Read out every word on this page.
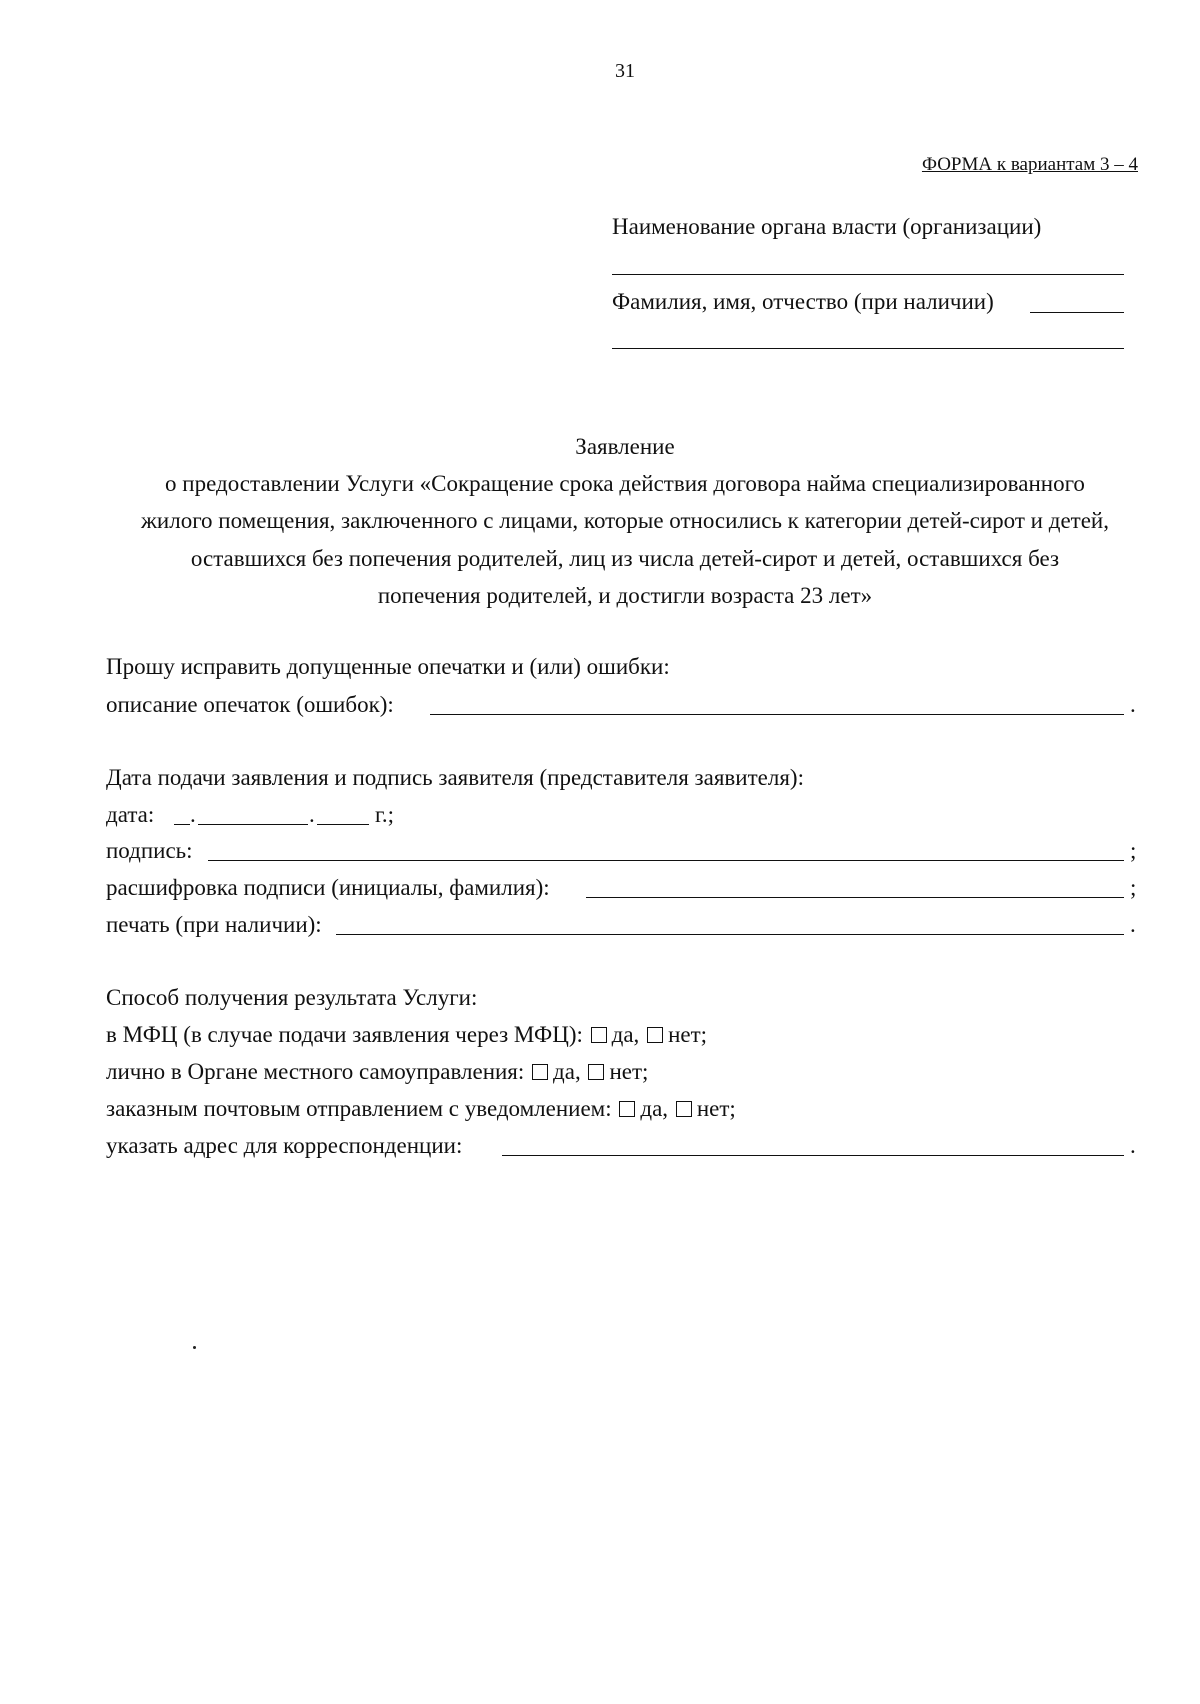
31
ФОРМА к вариантам 3 – 4
Наименование органа власти (организации)
Фамилия, имя, отчество (при наличии)
Заявление
о предоставлении Услуги «Сокращение срока действия договора найма специализированного
жилого помещения, заключенного с лицами, которые относились к категории детей-сирот и детей,
оставшихся без попечения родителей, лиц из числа детей-сирот и детей, оставшихся без
попечения родителей, и достигли возраста 23 лет»
Прошу исправить допущенные опечатки и (или) ошибки:
описание опечаток (ошибок):	.
Дата подачи заявления и подпись заявителя (представителя заявителя):
дата: .	.	г.;
подпись:	;
расшифровка подписи (инициалы, фамилия):	;
печать (при наличии):	.
Способ получения результата Услуги:
в МФЦ (в случае подачи заявления через МФЦ): да, нет;
лично в Органе местного самоуправления: да, нет;
заказным почтовым отправлением с уведомлением: да, нет;
указать адрес для корреспонденции:	.
